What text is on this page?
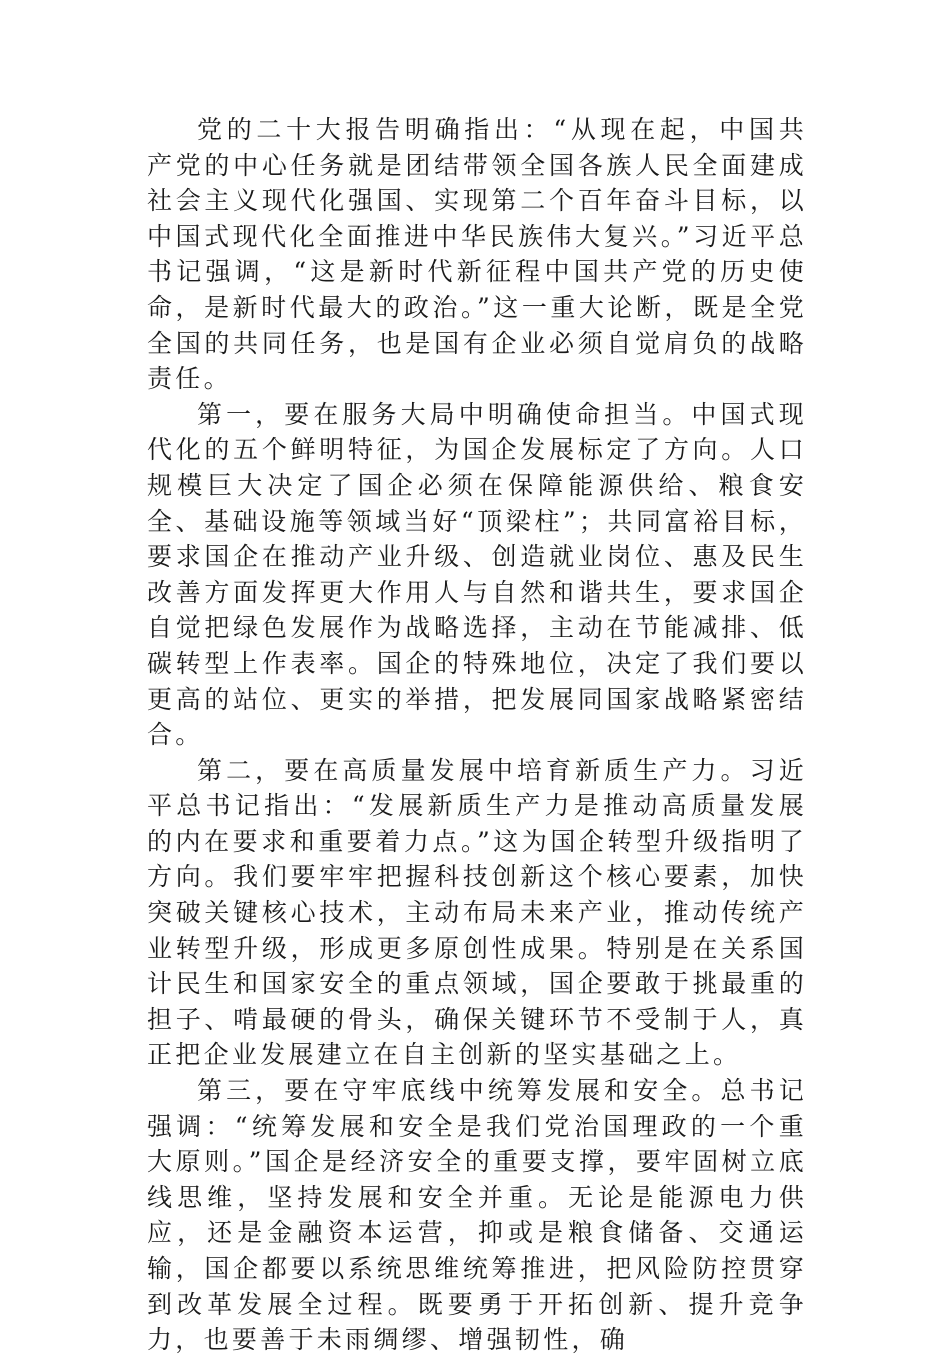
党的二十大报告明确指出：“从现在起，中国共产党的中心任务就是团结带领全国各族人民全面建成社会主义现代化强国、实现第二个百年奋斗目标，以中国式现代化全面推进中华民族伟大复兴。”习近平总书记强调，“这是新时代新征程中国共产党的历史使命，是新时代最大的政治。”这一重大论断，既是全党全国的共同任务，也是国有企业必须自觉肩负的战略责任。

第一，要在服务大局中明确使命担当。中国式现代化的五个鲜明特征，为国企发展标定了方向。人口规模巨大决定了国企必须在保障能源供给、粮食安全、基础设施等领域当好“顶梁柱”；共同富裕目标，要求国企在推动产业升级、创造就业岗位、惠及民生改善方面发挥更大作用人与自然和谐共生，要求国企自觉把绿色发展作为战略选择，主动在节能减排、低碳转型上作表率。国企的特殊地位，决定了我们要以更高的站位、更实的举措，把发展同国家战略紧密结合。

第二，要在高质量发展中培育新质生产力。习近平总书记指出：“发展新质生产力是推动高质量发展的内在要求和重要着力点。”这为国企转型升级指明了方向。我们要牢牢把握科技创新这个核心要素，加快突破关键核心技术，主动布局未来产业，推动传统产业转型升级，形成更多原创性成果。特别是在关系国计民生和国家安全的重点领域，国企要敢于挑最重的担子、啃最硬的骨头，确保关键环节不受制于人，真正把企业发展建立在自主创新的坚实基础之上。

第三，要在守牢底线中统筹发展和安全。总书记强调：“统筹发展和安全是我们党治国理政的一个重大原则。”国企是经济安全的重要支撑，要牢固树立底线思维，坚持发展和安全并重。无论是能源电力供应，还是金融资本运营，抑或是粮食储备、交通运输，国企都要以系统思维统筹推进，把风险防控贯穿到改革发展全过程。既要勇于开拓创新、提升竞争力，也要善于未雨绸缪、增强韧性，确
